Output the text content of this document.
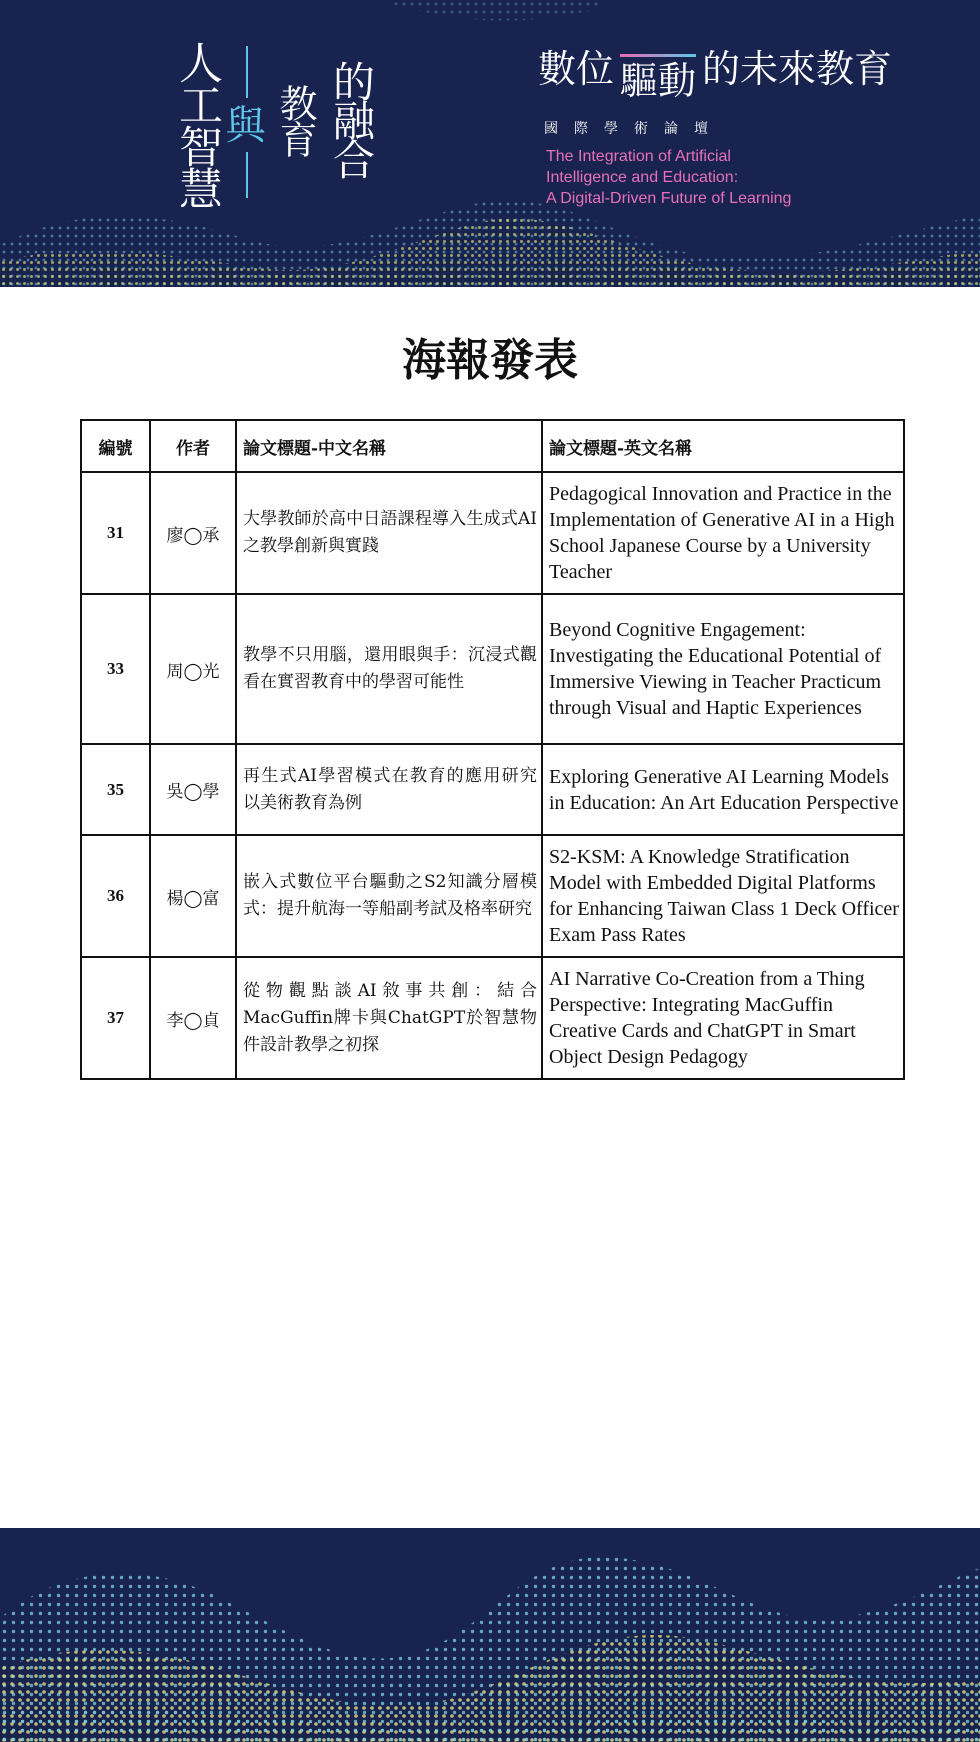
人工智慧
與 教育 的融合	數位 驅動 的未來教育
國際學術論壇
The Integration of Artificial
Intelligence and Education:
A Digital-Driven Future of Learning
海報發表
編號	作者	論文標題-中文名稱	論文標題-英文名稱
31	廖◯承	大學教師於高中日語課程導入生成式AI之教學創新與實踐	Pedagogical Innovation and Practice in the Implementation of Generative AI in a High School Japanese Course by a University Teacher
33	周◯光	教學不只用腦，還用眼與手：沉浸式觀看在實習教育中的學習可能性	Beyond Cognitive Engagement: Investigating the Educational Potential of Immersive Viewing in Teacher Practicum through Visual and Haptic Experiences
35	吳◯學	再生式AI學習模式在教育的應用研究 以美術教育為例	Exploring Generative AI Learning Models in Education: An Art Education Perspective
36	楊◯富	嵌入式數位平台驅動之S2知識分層模式：提升航海一等船副考試及格率研究	S2-KSM: A Knowledge Stratification Model with Embedded Digital Platforms for Enhancing Taiwan Class 1 Deck Officer Exam Pass Rates
37	李◯貞	從物觀點談AI敘事共創：結合MacGuffin牌卡與ChatGPT於智慧物件設計教學之初探	AI Narrative Co-Creation from a Thing Perspective: Integrating MacGuffin Creative Cards and ChatGPT in Smart Object Design Pedagogy
